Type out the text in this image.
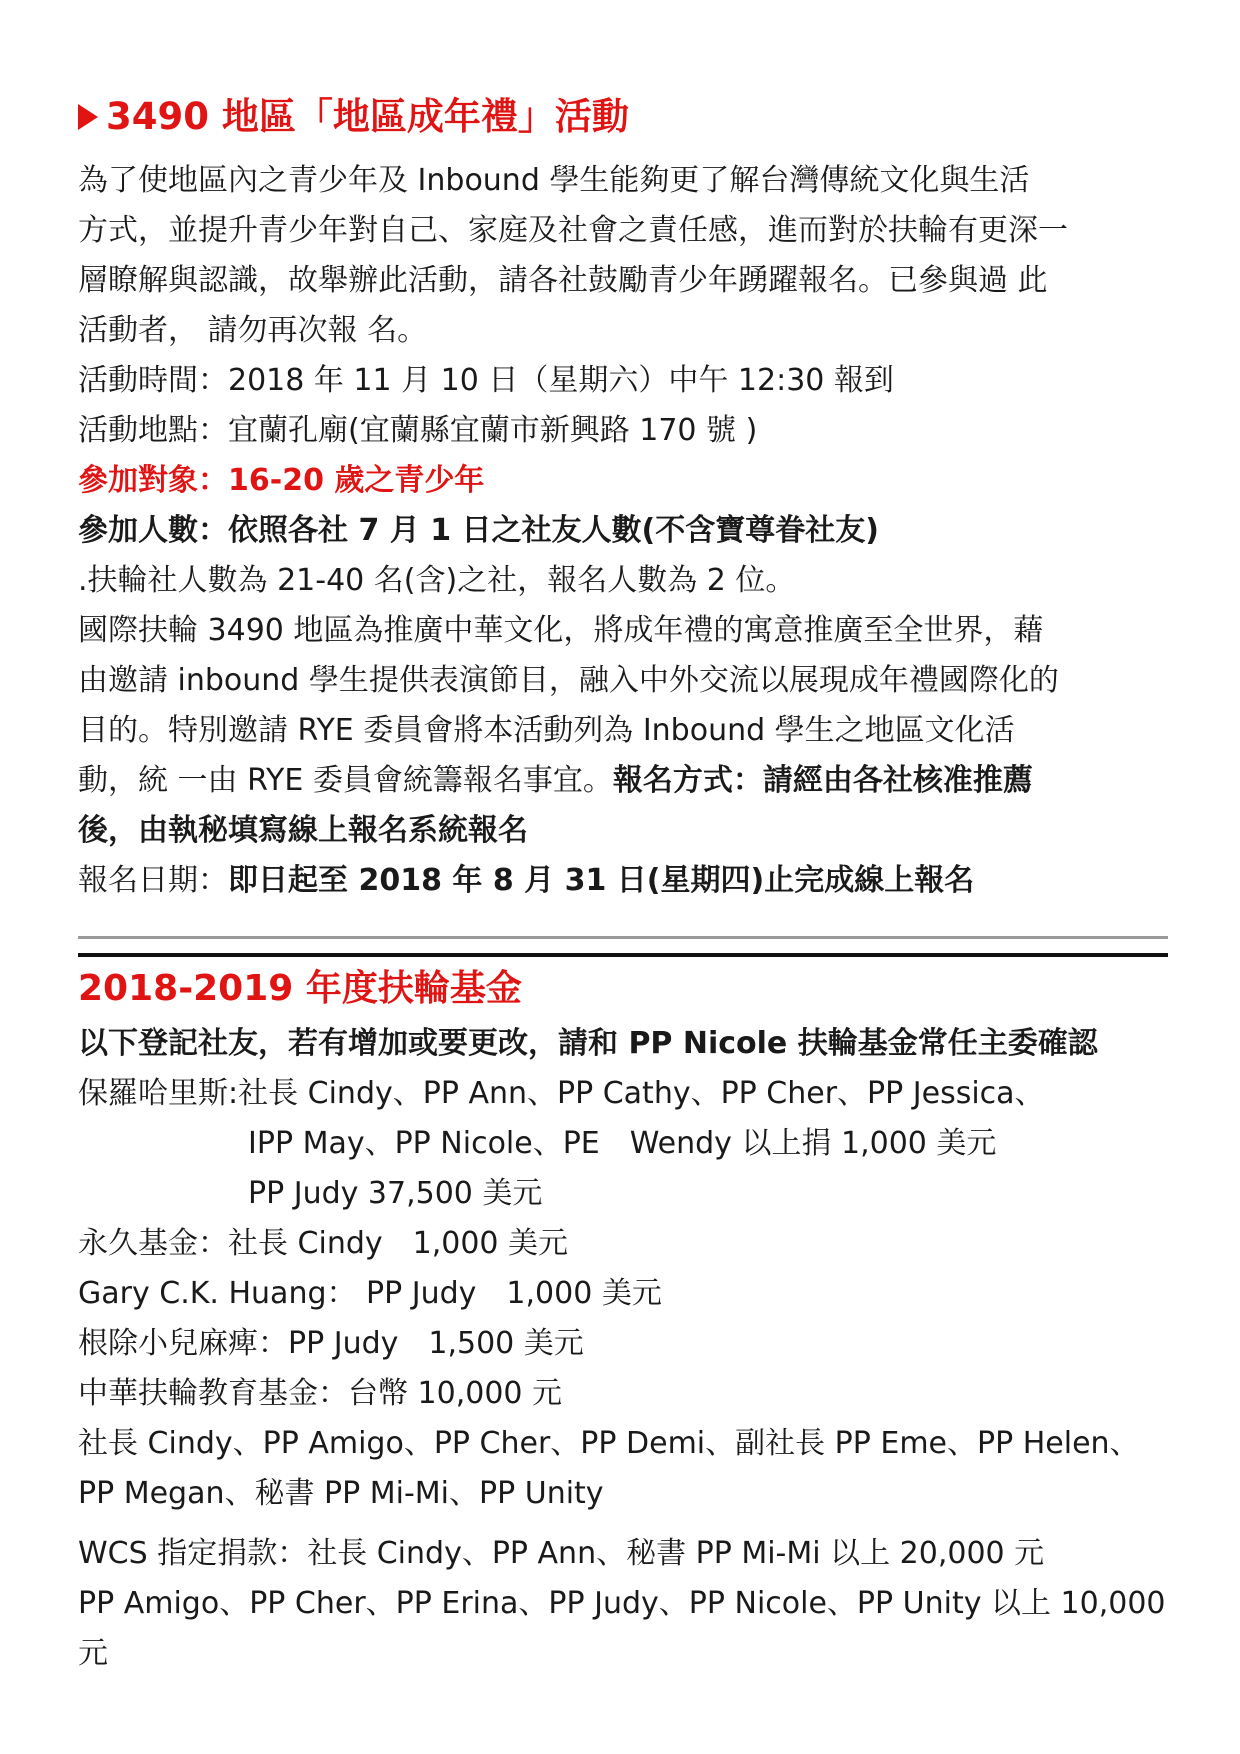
3490 地區「地區成年禮」活動

為了使地區內之青少年及 Inbound 學生能夠更了解台灣傳統文化與生活

方式，並提升青少年對自己、家庭及社會之責任感，進而對於扶輪有更深一

層瞭解與認識，故舉辦此活動，請各社鼓勵青少年踴躍報名。已參與過 此

活動者， 請勿再次報 名。

活動時間：2018 年 11 月 10 日（星期六）中午 12:30 報到

活動地點：宜蘭孔廟(宜蘭縣宜蘭市新興路 170 號 )

參加對象：16-20 歲之青少年

參加人數：依照各社 7 月 1 日之社友人數(不含寶尊眷社友)

.扶輪社人數為 21-40 名(含)之社，報名人數為 2 位。

國際扶輪 3490 地區為推廣中華文化，將成年禮的寓意推廣至全世界，藉

由邀請 inbound 學生提供表演節目，融入中外交流以展現成年禮國際化的

目的。特別邀請 RYE 委員會將本活動列為 Inbound 學生之地區文化活

動，統 一由 RYE 委員會統籌報名事宜。報名方式：請經由各社核准推薦

後，由執秘填寫線上報名系統報名

報名日期：即日起至 2018 年 8 月 31 日(星期四)止完成線上報名

2018-2019 年度扶輪基金

以下登記社友，若有增加或要更改，請和 PP Nicole 扶輪基金常任主委確認

保羅哈里斯:社長 Cindy、PP Ann、PP Cathy、PP Cher、PP Jessica、

IPP May、PP Nicole、PE　Wendy 以上捐 1,000 美元

PP Judy 37,500 美元

永久基金：社長 Cindy　1,000 美元

Gary C.K. Huang： PP Judy　1,000 美元

根除小兒麻痺：PP Judy　1,500 美元

中華扶輪教育基金：台幣 10,000 元

社長 Cindy、PP Amigo、PP Cher、PP Demi、副社長 PP Eme、PP Helen、

PP Megan、秘書 PP Mi-Mi、PP Unity

WCS 指定捐款：社長 Cindy、PP Ann、秘書 PP Mi-Mi 以上 20,000 元

PP Amigo、PP Cher、PP Erina、PP Judy、PP Nicole、PP Unity 以上 10,000 元
